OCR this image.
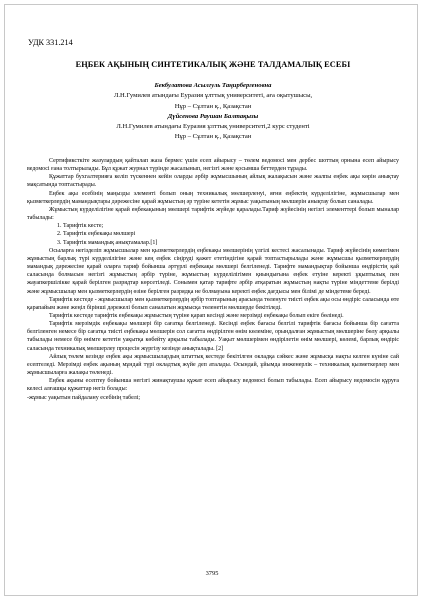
УДК 331.214
ЕҢБЕК АҚЫНЫҢ СИНТЕТИКАЛЫҚ ЖӘНЕ ТАЛДАМАЛЫҚ ЕСЕБІ
Бекбулатова Асылгуль Таңирбергеновна
Л.Н.Гумилев атындағы Еуразия ұлттық университеті, аға оқытушысы,
Нұр – Сұлтан қ., Қазақстан
Дүйсенова Раушан Балтақызы
Л.Н.Гумилев атындағы Еуразия ұлттық университеті,2 курс студенті
Нұр – Сұлтан қ., Қазақстан

Сертификсткіте жазулардың қайталап жаза бермес үшін есеп айырысу – төлем ведомосі мен дербес шоттың орнына есеп айырысу ведомосі ғана толтырылады. Бұл құжат журнал түрінде жасалынып, негізгі және қосымша беттерден тұрады.

Құжаттар бухгалтерияға келіп түскеннен кейін оларды әрбір жұмысшының айлық жалақысын және жалпы еңбек ақы көрін анықтау мақсатында топтастырады.

Еңбек ақы есебінің маңызды элементі болып оның техникалық мөлшерленуі, яғни еңбектің күрделілігіне, жұмысшылар мен қызметкерлердің мамандықтары дәрежесіне қарай жұмыстың әр түріне кететін жұмыс уақытының мөлшерін анықтау болып саналады.

Жұмыстың күрделілігіне қарай еңбекақының мөлшері тарифтік жүйеде қаралады.Тариф жүйесінің негізгі элементтері болып мыналар табылады:

1. Тарифтік кесте;

2. Тарифтік еңбекақы мөлшері

3. Тарифтік мамандық анықтамалар.[1]

Осыларға негізделіп жұмысшылар мен қызметкерлердің еңбекақы мөлшерінің үлгілі кестесі жасалынады. Тариф жүйесінің көмегімен жұмыстың барлық түрі күрделілігіне және кең еңбек сіңіруді қажет ететіндігіне қарай топтастырылады және жұмысшы қызметкерлердің мамандық дәрежесіне қарай оларға тариф бойынша әртүрлі еңбекақы мөлшері белгіленеді. Тарифте мамандықтар бойынша өндірістің қай саласында болмасын негізгі жұмыстың әрбір түріне, жұмыстың күрделілігімен қиындығына еңбек етуіне керекті ұқыптылық пен жауапкершілікке қарай берілген разрядтар көрсетіледі. Сонымен қатар тарифте әрбір атқаратын жұмыстың нақты түріне міндеттеме берілді және жұмысшылар мен қызметкерлердің өзіне берілген разрядқа не болмауына керекті еңбек дағдысы мен білімі де міндетеме береді.

Тарифтік кестеде - жұмысшылар мен қызметкерлердің әрбір топтарының арасында төленуге тиісті еңбек ақы осы өндіріс саласында өте қарапайым және жеңіл бірінші дәрежелі болып саналатын жұмысқа төленетін мөлшерде бекітіледі.

Тарифтік кестеде тарифтік еңбекақы жұмыстың түріне қарап кесінді және мерзімді еңбекақы болып екіге бөлінеді.

Тарифтік мерзімдік еңбекақы мөлшері бір сағатқа белгіленеді. Кесінді еңбек бағасы белгілі тарифтік бағасы бойынша бір сағатта белгіленген немесе бір сағатқа тиісті еңбекақы мөлшерін сол сағатта өндірілген өнім көлеміне, орындалған жұмыстың мөлшеріне бөлу арқылы табылады немесе бір өнімге кететін уақытқа көбейту арқылы табылады. Уақыт мөлшерімен өндірілетін өнім мөлшері, көлемі, барлық өндіріс саласында техникалық мөлшерлеу процесін жүргізу кезінде анықталады. [2]

Айлық төлем кезінде еңбек ақы жұмысшылардың штаттық кестеде бекітілген окладқа сәйкес және жұмысқа нақты келген күніне сай есептеледі. Мерзімді еңбек ақының мұндай түрі окладтық жүйе деп аталады. Осындай, ұйымда инженерлік – техникалық қызметкерлер мен жұмысшыларға жалақы төленеді.

Еңбек ақыны есептеу бойынша негізгі жинақтаушы құжат есеп айырысу ведомосі болып табылады. Есеп айырысу ведомосін құруға келесі алғашқы құжаттар негіз болады:

-жұмыс уақытын пайдалану есебінің табелі;

3795
